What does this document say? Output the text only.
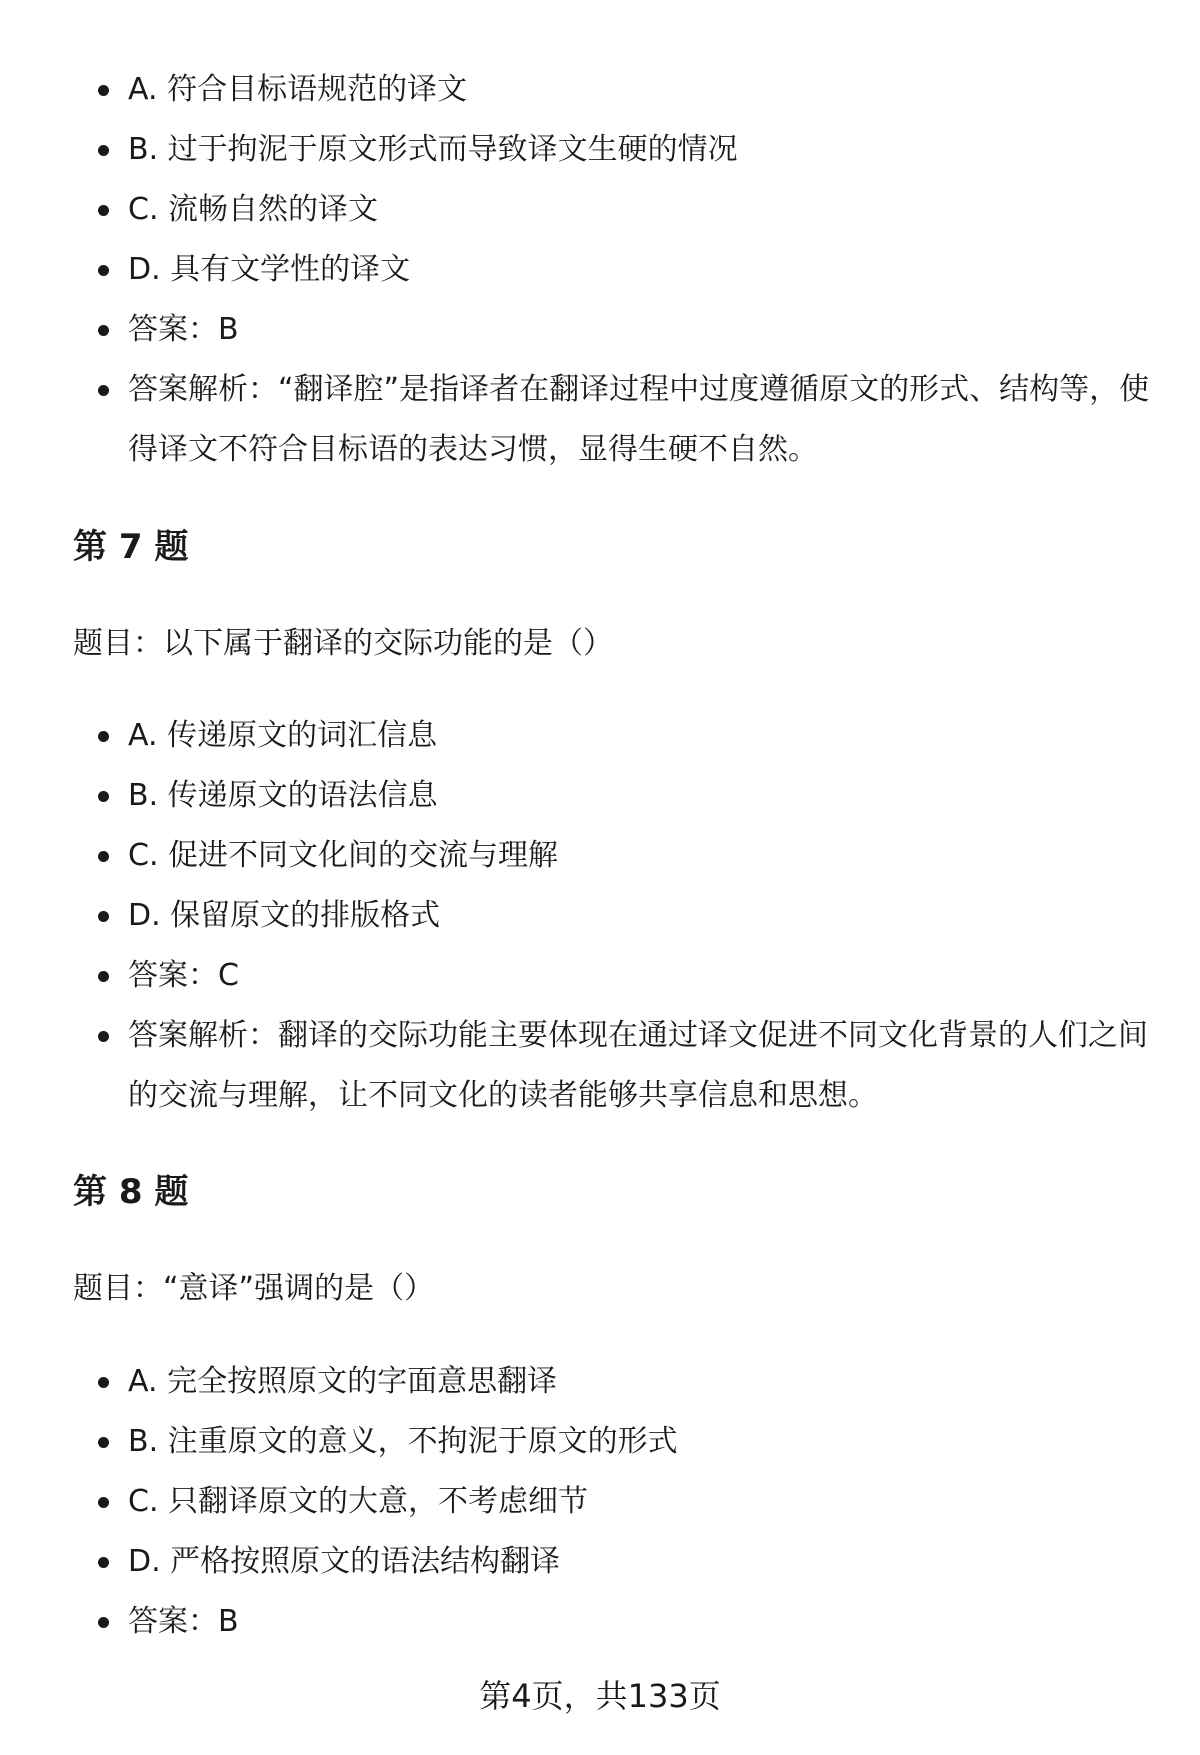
A. 符合目标语规范的译文
B. 过于拘泥于原文形式而导致译文生硬的情况
C. 流畅自然的译文
D. 具有文学性的译文
答案：B
答案解析：“翻译腔”是指译者在翻译过程中过度遵循原文的形式、结构等，使得译文不符合目标语的表达习惯，显得生硬不自然。
第 7 题

题目：以下属于翻译的交际功能的是（）

A. 传递原文的词汇信息
B. 传递原文的语法信息
C. 促进不同文化间的交流与理解
D. 保留原文的排版格式
答案：C
答案解析：翻译的交际功能主要体现在通过译文促进不同文化背景的人们之间的交流与理解，让不同文化的读者能够共享信息和思想。
第 8 题

题目：“意译”强调的是（）

A. 完全按照原文的字面意思翻译
B. 注重原文的意义，不拘泥于原文的形式
C. 只翻译原文的大意，不考虑细节
D. 严格按照原文的语法结构翻译
答案：B
第4页，共133页
